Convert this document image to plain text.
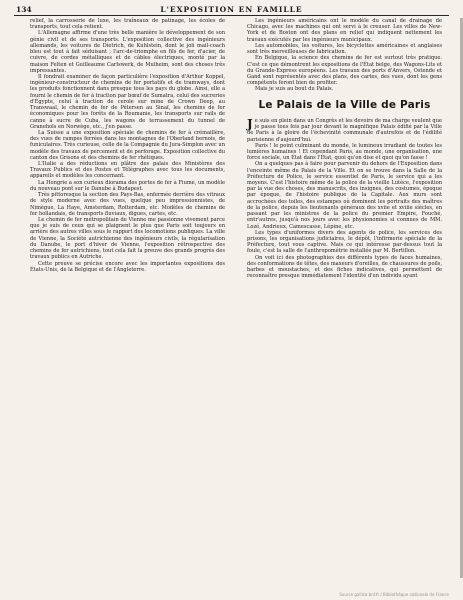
134	L'EXPOSITION EN FAMILLE

relief, la carrosserie de luxe, les traîneaux de patinage, les écoles de transports, tout cela retient.

L'Allemagne affirme d'une très belle manière le développement de son génie civil et de ses transports. L'exposition collective des ingénieurs allemands, les voitures de Dietrich, de Kuhlstein, dont le joli mail-coach bleu est tout à fait séduisant ; l'arc-de-triomphe en fils de fer, d'acier, de cuivre, de cordes métalliques et de câbles électriques, monté par la maison Felten et Guilleaume Carlswerk, de Mulheim, sont des choses très impressantes.

Il fondrait examiner de façon particulière l'exposition d'Arthur Koppel, ingénieur-constructeur de chemins de fer portatifs et de tramways, dont les produits fonctionnent dans presque tous les pays du globe. Ainsi, elle a fourni le chemin de fer à traction par bœuf de Sumatra, celui des sucreries d'Égypte, celui à traction de cerole sur mine de Crown Deep, au Transwaal, le chemin de fer de Pétersen au Sinaï, les chemins de fer économiques pour les forêts de la Roumanie, les transports sur rails de canne à sucre de Cuba, les wagons de terrassement du tunnel de Granehols en Norwège, etc., j'en passe.

La Suisse a une exposition spéciale de chemins de fer à crémaillère, des vues de rampes ferrées dans les montagnes de l'Oberland bernois, de funiculaires. Très curieuse, celle de la Compagnie du Jura-Simplon avec un modèle des travaux de percement et de perforage. Exposition collective du canton des Grisons et des chemins de fer rhétiques.

L'Italie a des réductions en plâtre des palais des Ministères des Travaux Publics et des Postes et Télégraphes avec tous les documents, appareils et modèles les concernant.

La Hongrie a son curieux diorama des portes de fer à Fiume, un modèle du nouveau pont sur le Danube à Budapest.

Très pittoresque la section des Pays-Bas, enfermée derrière des vitraux de style moderne avec des vues, quelque peu impressionnistes, de Nimègue, La Haye, Amsterdam, Rotterdam, etc. Modèles de chemins de fer hollandais, de transports fluviaux, digues, cartes, etc.

Le chemin de fer métropolitain de Vienne me passionne vivement parce que je suis de ceux qui se plaignent le plus que Paris soit toujours en arrière des autres villes sous le rapport des locomotions publiques. La ville de Vienne, la Société autrichienne des ingénieurs civils, la régularisation du Danube, le port d'hiver de Vienne, l'exposition rétrospective des chemins de fer autrichiens, tout cela fait la preuve des grands progrès des travaux publics en Autriche.

Cette preuve se précise encore avec les importantes expositions des États-Unis, de la Belgique et de l'Angleterre.

Les ingénieurs américains ont le modèle du canal de drainage de Chicago, avec les machines qui ont servi à le creuser. Les villes de New-York et de Boston ont des plans en relief qui indiquent nettement les travaux exécutés par les ingénieurs municipaux.

Les automobiles, les voitures, les bicyclettes américaines et anglaises sont très merveilleuses de fabrication.

En Belgique, la science des chemins de fer est surtout très pratique. C'est ce que démontrent les expositions de l'État belge, des Wagons-Lits et du Grande-Express européens. Les travaux des ports d'Anvers, Ostende et Gand sont représentés avec des plans, des cartes, des vues, dont les gens compétents feront bien de profiter.

Mais je suis au bout du Palais.

Le Palais de la Ville de Paris

Je suis en plein dans un Congrès et les devoirs de ma charge veulent que je passe tous feis par jour devant le magnifique Palais édifié par la Ville de Paris à la gloire de l'échevinité communale d'autrefois et de l'édilité parisienne d'aujourd'hui.

Paris ! le point culminant du monde, le lumineux irradiant de toutes les lumières humaines ! Et cependant Paris, au monde, une organisation, une force sociale, un État dans l'État, quoi qu'on dise et quoi qu'on fasse !

On a quelques pas à faire pour parvenir du dehors de l'Exposition dans l'enceinte même du Palais de la Ville. Et on se trouve dans la Salle de la Préfecture de Police, le service essentiel de Paris, le service qui a les moyens. C'est l'histoire même de la police de la vieille Lutèce, l'exposition par la vue des choses, des manuscrits, des insignes, des costumes, époque par époque, de l'histoire publique de la Capitale. Aux murs sont accrochées des toiles, des estampes où dominent les portraits des maîtres de la police, depuis les lieutenants généraux des xviie et xviiie siècles, en passant par les ministres de la police du premier Empire, Fouché, entr'autres, jusqu'à nos jours avec les physionomies si connues de MM. Lozé, Andrieux, Camescasse, Lépine, etc.

Les types d'uniformes divers des agents de police, les services des prisons, les organisations judiciaires, le dépôt, l'infirmerie spéciale de la Préfecture, tout vous captive. Mais ce qui intéresse par-dessus tout la foule, c'est la salle de l'anthropométrie installée par M. Bertillon.

On voit ici des photographies des différents types de faces humaines, des conformations de têtes, des maxeurs d'oreilles, de chaussures de poils, barbes et moustaches, et des fiches indicatives, qui permettent de reconnaître presque immédiatement l'identité d'un individu ayant

Source gallica.bnf.fr / Bibliothèque nationale de France
